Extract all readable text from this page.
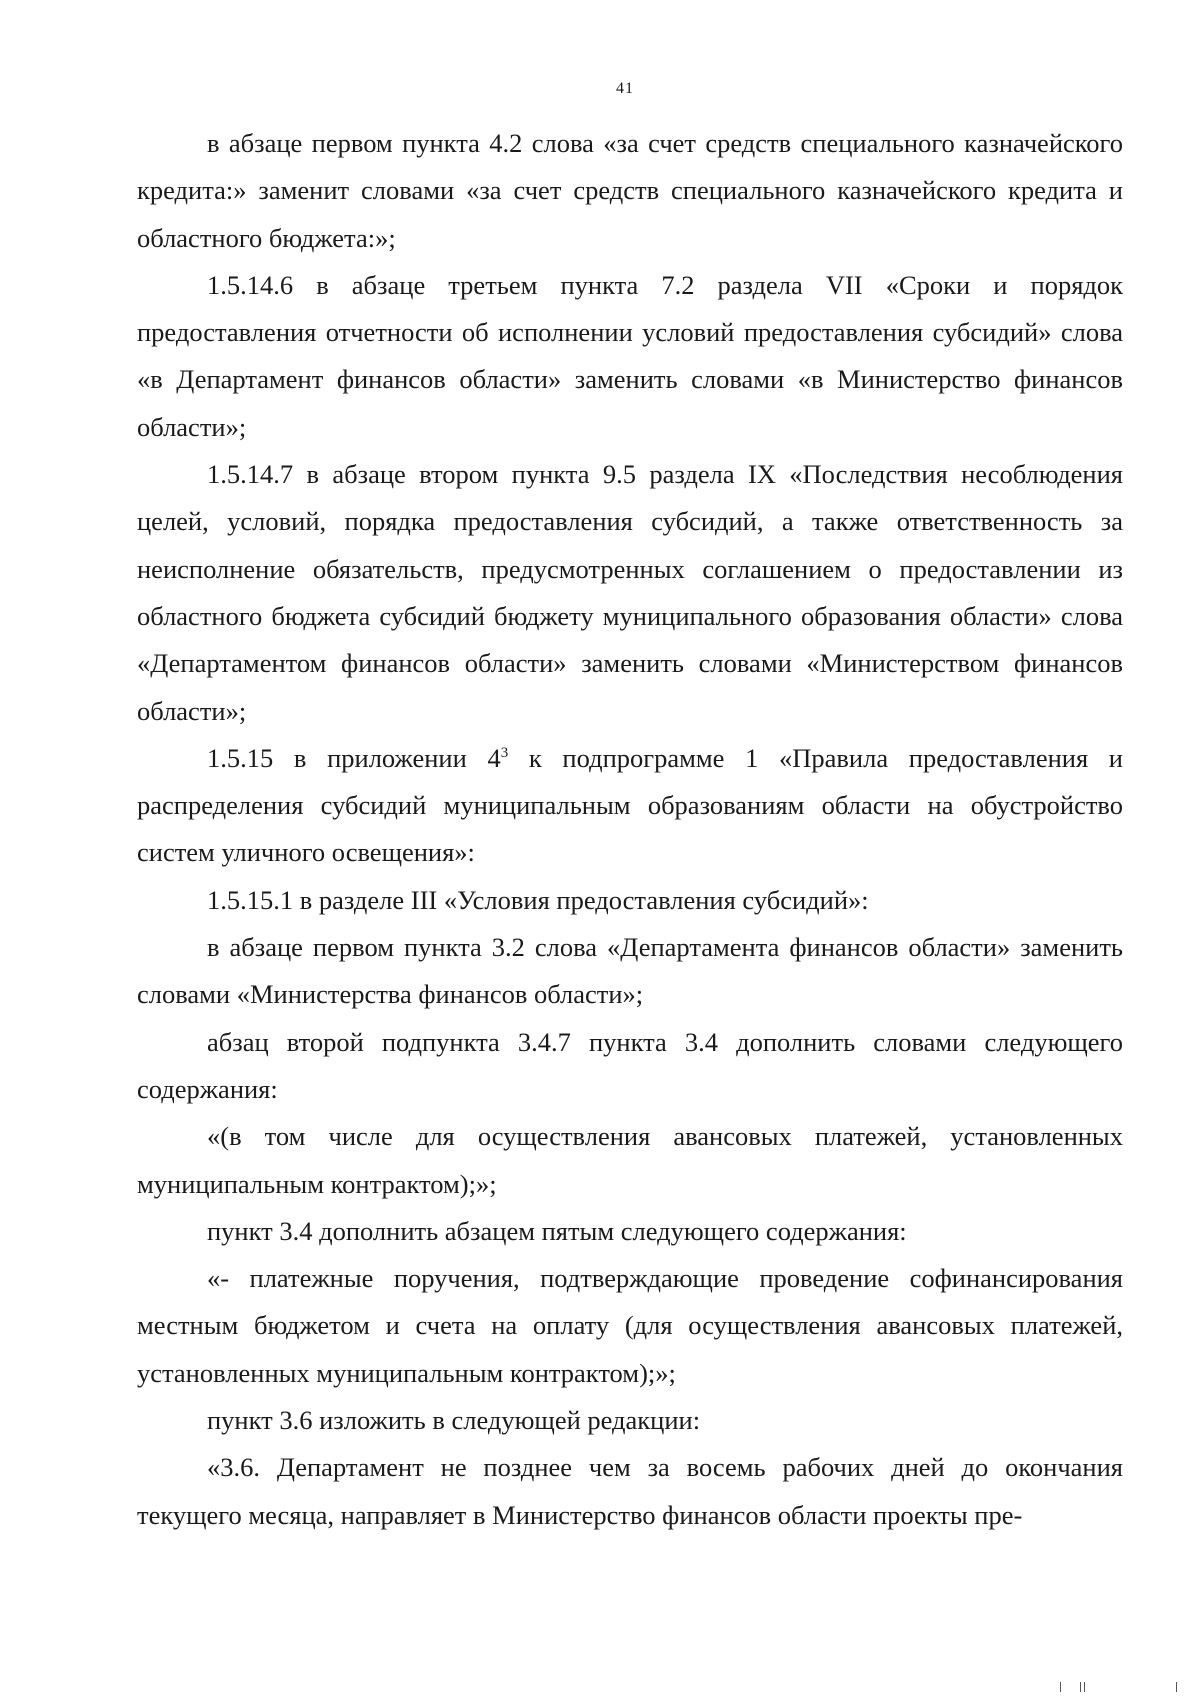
41

в абзаце первом пункта 4.2 слова «за счет средств специального казначейского кредита:» заменит словами «за счет средств специального казначейского кредита и областного бюджета:»;

1.5.14.6 в абзаце третьем пункта 7.2 раздела VII «Сроки и порядок предоставления отчетности об исполнении условий предоставления субсидий» слова «в Департамент финансов области» заменить словами «в Министерство финансов области»;

1.5.14.7 в абзаце втором пункта 9.5 раздела IX «Последствия несоблюдения целей, условий, порядка предоставления субсидий, а также ответственность за неисполнение обязательств, предусмотренных соглашением о предоставлении из областного бюджета субсидий бюджету муниципального образования области» слова «Департаментом финансов области» заменить словами «Министерством финансов области»;

1.5.15 в приложении $4^3$ к подпрограмме 1 «Правила предоставления и распределения субсидий муниципальным образованиям области на обустройство систем уличного освещения»:

1.5.15.1 в разделе III «Условия предоставления субсидий»:

в абзаце первом пункта 3.2 слова «Департамента финансов области» заменить словами «Министерства финансов области»;

абзац второй подпункта 3.4.7 пункта 3.4 дополнить словами следующего содержания:

«(в том числе для осуществления авансовых платежей, установленных муниципальным контрактом);»;

пункт 3.4 дополнить абзацем пятым следующего содержания:

«- платежные поручения, подтверждающие проведение софинансирования местным бюджетом и счета на оплату (для осуществления авансовых платежей, установленных муниципальным контрактом);»;

пункт 3.6 изложить в следующей редакции:

«3.6. Департамент не позднее чем за восемь рабочих дней до окончания текущего месяца, направляет в Министерство финансов области проекты пре-
